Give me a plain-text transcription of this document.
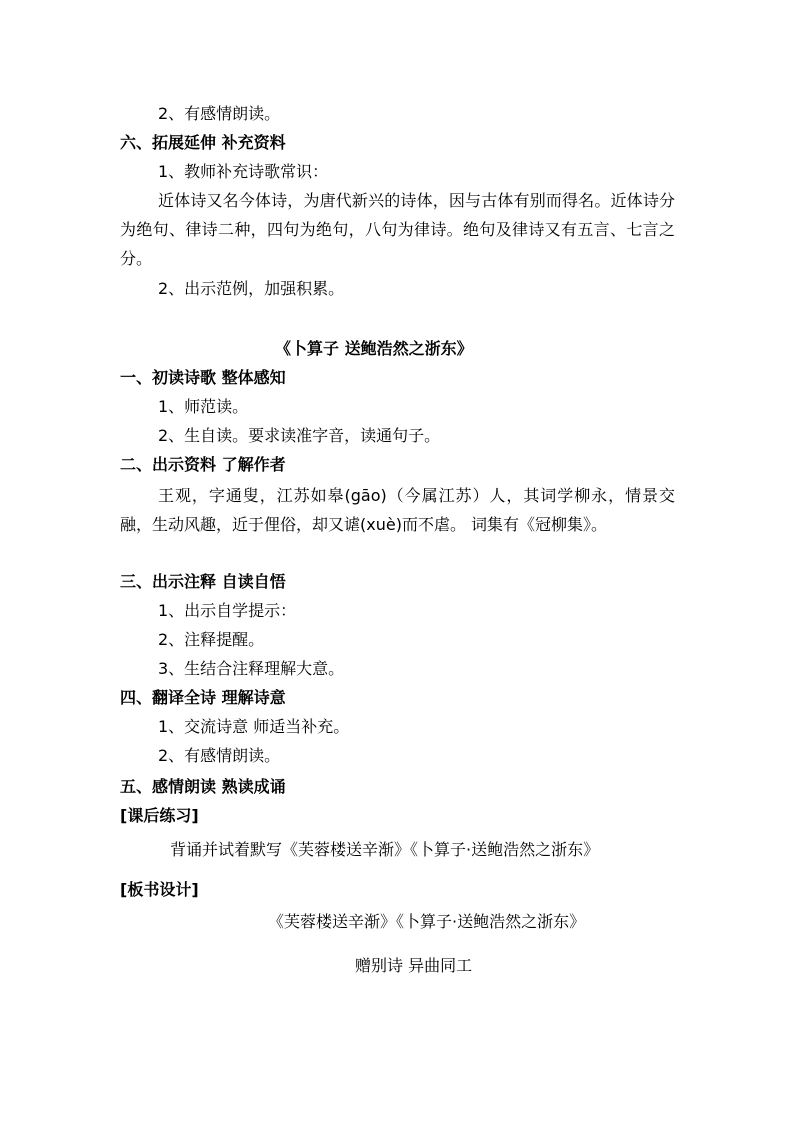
2、有感情朗读。
六、拓展延伸 补充资料
1、教师补充诗歌常识：
近体诗又名今体诗，为唐代新兴的诗体，因与古体有别而得名。近体诗分为绝句、律诗二种，四句为绝句，八句为律诗。绝句及律诗又有五言、七言之分。
2、出示范例，加强积累。
《卜算子 送鲍浩然之浙东》
一、初读诗歌 整体感知
1、师范读。
2、生自读。要求读准字音，读通句子。
二、出示资料 了解作者
王观，字通叟，江苏如皋(gāo)（今属江苏）人，其词学柳永，情景交融，生动风趣，近于俚俗，却又谑(xuè)而不虐。 词集有《冠柳集》。
三、出示注释 自读自悟
1、出示自学提示：
2、注释提醒。
3、生结合注释理解大意。
四、翻译全诗 理解诗意
1、交流诗意 师适当补充。
2、有感情朗读。
五、感情朗读 熟读成诵
[课后练习]
背诵并试着默写《芙蓉楼送辛渐》《卜算子·送鲍浩然之浙东》
[板书设计]
《芙蓉楼送辛渐》《卜算子·送鲍浩然之浙东》
赠别诗 异曲同工
